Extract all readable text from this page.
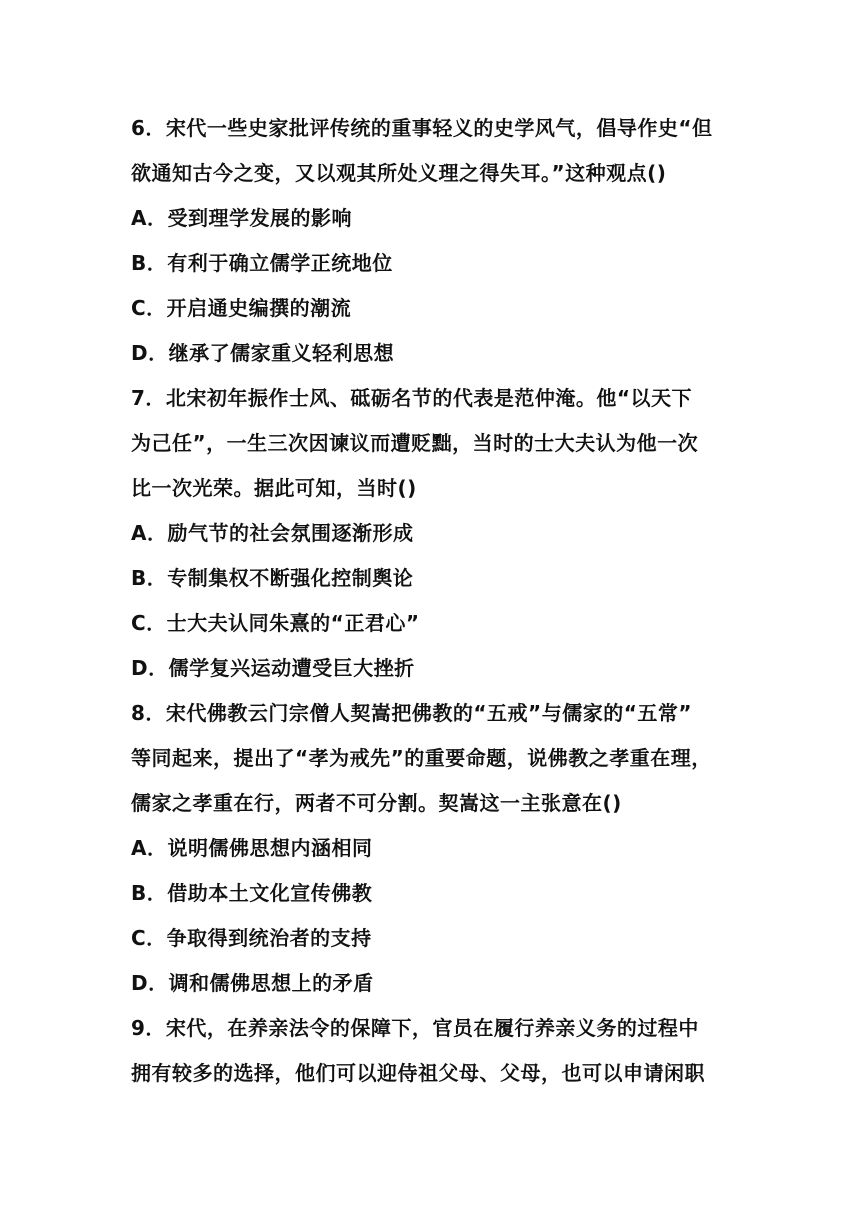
6．宋代一些史家批评传统的重事轻义的史学风气，倡导作史“但
欲通知古今之变，又以观其所处义理之得失耳。”这种观点()
A．受到理学发展的影响
B．有利于确立儒学正统地位
C．开启通史编撰的潮流
D．继承了儒家重义轻利思想
7．北宋初年振作士风、砥砺名节的代表是范仲淹。他“以天下
为己任”，一生三次因谏议而遭贬黜，当时的士大夫认为他一次
比一次光荣。据此可知，当时()
A．励气节的社会氛围逐渐形成
B．专制集权不断强化控制舆论
C．士大夫认同朱熹的“正君心”
D．儒学复兴运动遭受巨大挫折
8．宋代佛教云门宗僧人契嵩把佛教的“五戒”与儒家的“五常”
等同起来，提出了“孝为戒先”的重要命题，说佛教之孝重在理，
儒家之孝重在行，两者不可分割。契嵩这一主张意在()
A．说明儒佛思想内涵相同
B．借助本土文化宣传佛教
C．争取得到统治者的支持
D．调和儒佛思想上的矛盾
9．宋代，在养亲法令的保障下，官员在履行养亲义务的过程中
拥有较多的选择，他们可以迎侍祖父母、父母，也可以申请闲职
